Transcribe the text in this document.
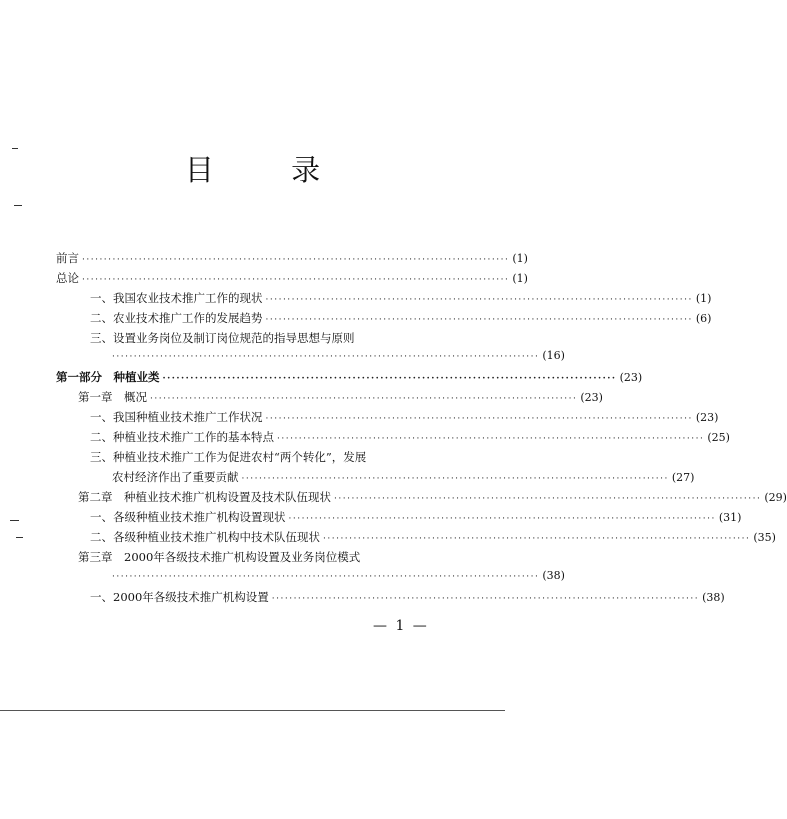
目 录
前言 ·································································································· (1)
总论 ·································································································· (1)
一、我国农业技术推广工作的现状 ·································································································· (1)
二、农业技术推广工作的发展趋势 ·································································································· (6)
三、设置业务岗位及制订岗位规范的指导思想与原则
·································································································· (16)
第一部分　种植业类 ·································································································· (23)
第一章　概况 ·································································································· (23)
一、我国种植业技术推广工作状况 ·································································································· (23)
二、种植业技术推广工作的基本特点 ·································································································· (25)
三、种植业技术推广工作为促进农村“两个转化”，发展
农村经济作出了重要贡献 ·································································································· (27)
第二章　种植业技术推广机构设置及技术队伍现状 ·································································································· (29)
一、各级种植业技术推广机构设置现状 ·································································································· (31)
二、各级种植业技术推广机构中技术队伍现状 ·································································································· (35)
第三章　2000年各级技术推广机构设置及业务岗位模式
·································································································· (38)
一、2000年各级技术推广机构设置 ·································································································· (38)
— 1 —
